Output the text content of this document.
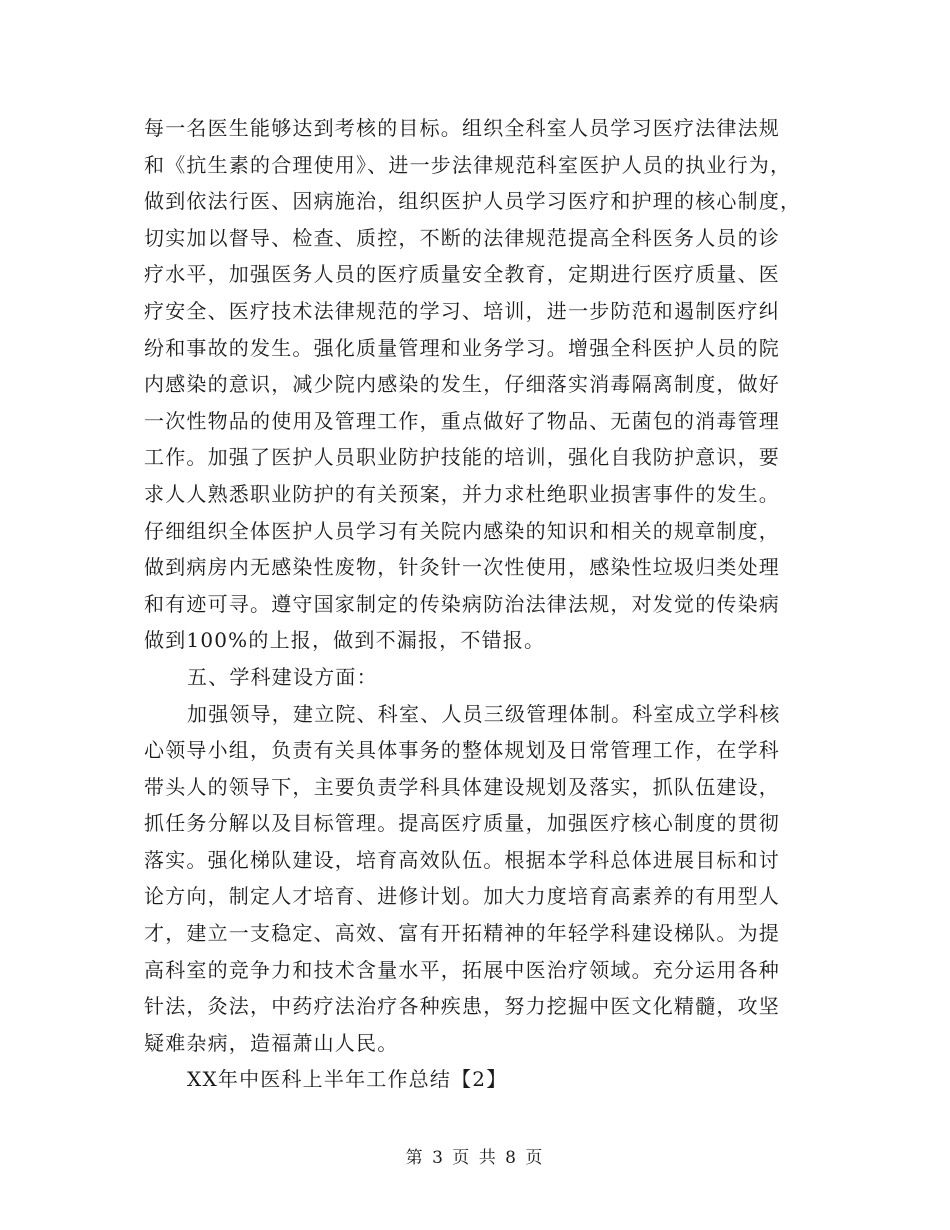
每一名医生能够达到考核的目标。组织全科室人员学习医疗法律法规
和《抗生素的合理使用》、进一步法律规范科室医护人员的执业行为，
做到依法行医、因病施治，组织医护人员学习医疗和护理的核心制度，
切实加以督导、检查、质控，不断的法律规范提高全科医务人员的诊
疗水平，加强医务人员的医疗质量安全教育，定期进行医疗质量、医
疗安全、医疗技术法律规范的学习、培训，进一步防范和遏制医疗纠
纷和事故的发生。强化质量管理和业务学习。增强全科医护人员的院
内感染的意识，减少院内感染的发生，仔细落实消毒隔离制度，做好
一次性物品的使用及管理工作，重点做好了物品、无菌包的消毒管理
工作。加强了医护人员职业防护技能的培训，强化自我防护意识，要
求人人熟悉职业防护的有关预案，并力求杜绝职业损害事件的发生。
仔细组织全体医护人员学习有关院内感染的知识和相关的规章制度，
做到病房内无感染性废物，针灸针一次性使用，感染性垃圾归类处理
和有迹可寻。遵守国家制定的传染病防治法律法规，对发觉的传染病
做到100%的上报，做到不漏报，不错报。

五、学科建设方面：

加强领导，建立院、科室、人员三级管理体制。科室成立学科核
心领导小组，负责有关具体事务的整体规划及日常管理工作，在学科
带头人的领导下，主要负责学科具体建设规划及落实，抓队伍建设，
抓任务分解以及目标管理。提高医疗质量，加强医疗核心制度的贯彻
落实。强化梯队建设，培育高效队伍。根据本学科总体进展目标和讨
论方向，制定人才培育、进修计划。加大力度培育高素养的有用型人
才，建立一支稳定、高效、富有开拓精神的年轻学科建设梯队。为提
高科室的竞争力和技术含量水平，拓展中医治疗领域。充分运用各种
针法，灸法，中药疗法治疗各种疾患，努力挖掘中医文化精髓，攻坚
疑难杂病，造福萧山人民。

XX年中医科上半年工作总结【2】

第 3 页 共 8 页
